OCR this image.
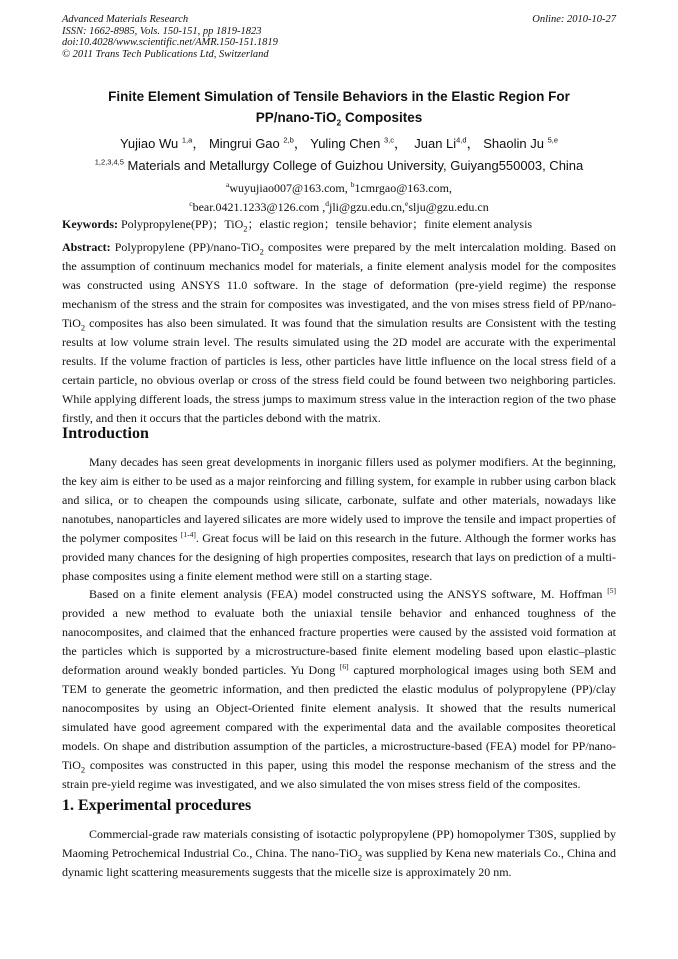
Advanced Materials Research
ISSN: 1662-8985, Vols. 150-151, pp 1819-1823
doi:10.4028/www.scientific.net/AMR.150-151.1819
© 2011 Trans Tech Publications Ltd, Switzerland
Online: 2010-10-27
Finite Element Simulation of Tensile Behaviors in the Elastic Region For
PP/nano-TiO$_2$ Composites
Yujiao Wu $^{1,a}$， Mingrui Gao $^{2,b}$， Yuling Chen $^{3,c}$， Juan Li$^{4,d}$， Shaolin Ju $^{5,e}$
$^{1,2,3,4,5}$ Materials and Metallurgy College of Guizhou University, Guiyang550003, China
$^a$wuyujiao007@163.com, $^b$1cmrgao@163.com,
$^c$bear.0421.1233@126.com ,$^d$jli@gzu.edu.cn,$^e$slju@gzu.edu.cn
Keywords: Polypropylene(PP)；TiO$_2$；elastic region；tensile behavior；finite element analysis
Abstract: Polypropylene (PP)/nano-TiO$_2$ composites were prepared by the melt intercalation molding. Based on the assumption of continuum mechanics model for materials, a finite element analysis model for the composites was constructed using ANSYS 11.0 software. In the stage of deformation (pre-yield regime) the response mechanism of the stress and the strain for composites was investigated, and the von mises stress field of PP/nano-TiO$_2$ composites has also been simulated. It was found that the simulation results are Consistent with the testing results at low volume strain level. The results simulated using the 2D model are accurate with the experimental results. If the volume fraction of particles is less, other particles have little influence on the local stress field of a certain particle, no obvious overlap or cross of the stress field could be found between two neighboring particles. While applying different loads, the stress jumps to maximum stress value in the interaction region of the two phase firstly, and then it occurs that the particles debond with the matrix.
Introduction
Many decades has seen great developments in inorganic fillers used as polymer modifiers. At the beginning, the key aim is either to be used as a major reinforcing and filling system, for example in rubber using carbon black and silica, or to cheapen the compounds using silicate, carbonate, sulfate and other materials, nowadays like nanotubes, nanoparticles and layered silicates are more widely used to improve the tensile and impact properties of the polymer composites [1-4]. Great focus will be laid on this research in the future. Although the former works has provided many chances for the designing of high properties composites, research that lays on prediction of a multi-phase composites using a finite element method were still on a starting stage.
Based on a finite element analysis (FEA) model constructed using the ANSYS software, M. Hoffman [5] provided a new method to evaluate both the uniaxial tensile behavior and enhanced toughness of the nanocomposites, and claimed that the enhanced fracture properties were caused by the assisted void formation at the particles which is supported by a microstructure-based finite element modeling based upon elastic–plastic deformation around weakly bonded particles. Yu Dong [6] captured morphological images using both SEM and TEM to generate the geometric information, and then predicted the elastic modulus of polypropylene (PP)/clay nanocomposites by using an Object-Oriented finite element analysis. It showed that the results numerical simulated have good agreement compared with the experimental data and the available composites theoretical models. On shape and distribution assumption of the particles, a microstructure-based (FEA) model for PP/nano-TiO$_2$ composites was constructed in this paper, using this model the response mechanism of the stress and the strain pre-yield regime was investigated, and we also simulated the von mises stress field of the composites.
1. Experimental procedures
Commercial-grade raw materials consisting of isotactic polypropylene (PP) homopolymer T30S, supplied by Maoming Petrochemical Industrial Co., China. The nano-TiO$_2$ was supplied by Kena new materials Co., China and dynamic light scattering measurements suggests that the micelle size is approximately 20 nm.
